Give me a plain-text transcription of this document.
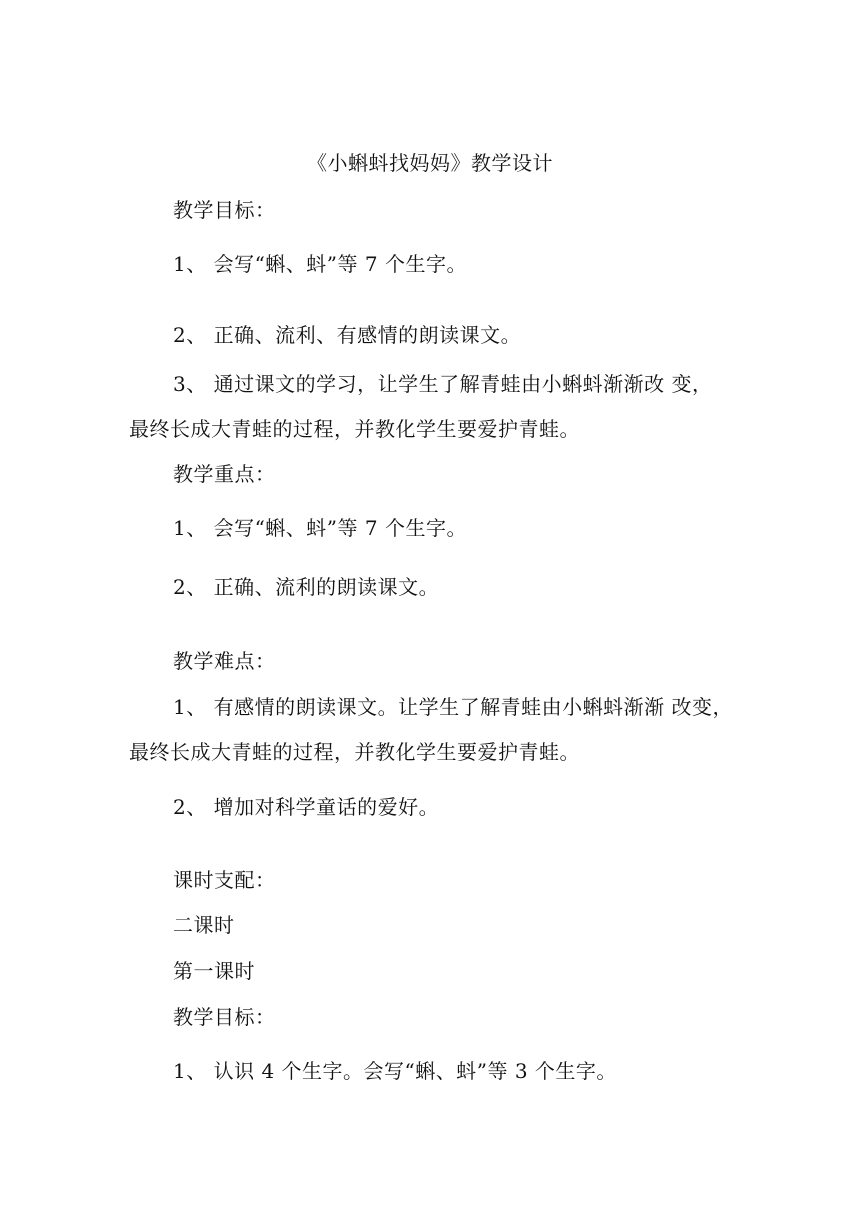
《小蝌蚪找妈妈》教学设计
教学目标：
1、 会写“蝌、蚪”等 7 个生字。
2、 正确、流利、有感情的朗读课文。
3、 通过课文的学习，让学生了解青蛙由小蝌蚪渐渐改 变，
最终长成大青蛙的过程，并教化学生要爱护青蛙。
教学重点：
1、 会写“蝌、蚪”等 7 个生字。
2、 正确、流利的朗读课文。
教学难点：
1、 有感情的朗读课文。让学生了解青蛙由小蝌蚪渐渐 改变，
最终长成大青蛙的过程，并教化学生要爱护青蛙。
2、 增加对科学童话的爱好。
课时支配：
二课时
第一课时
教学目标：
1、 认识 4 个生字。会写“蝌、蚪”等 3 个生字。
